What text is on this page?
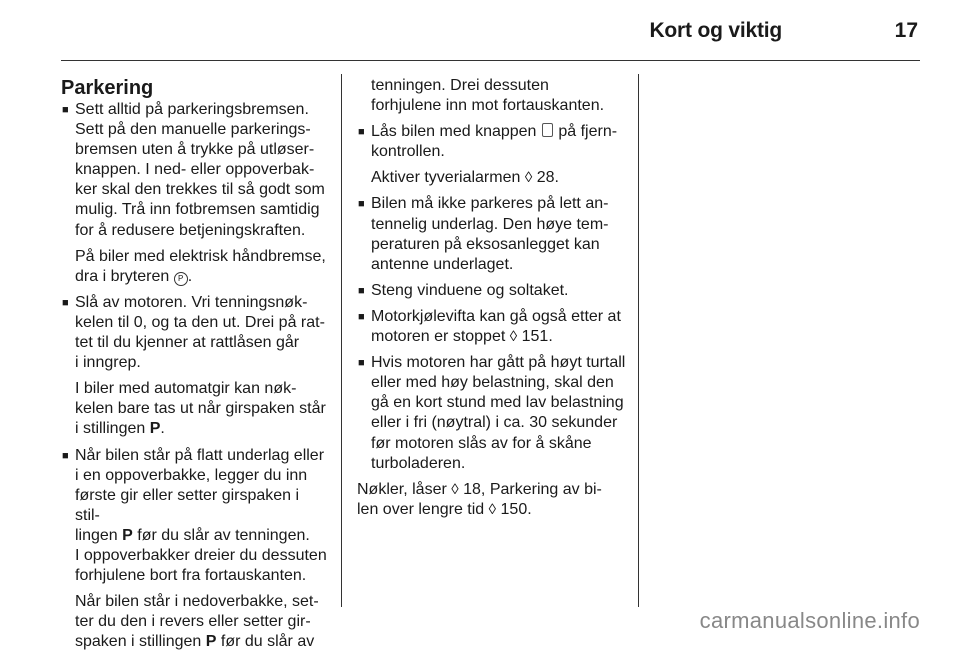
Kort og viktig	17
Parkering
■ Sett alltid på parkeringsbremsen.
Sett på den manuelle parkerings-
bremsen uten å trykke på utløser-
knappen. I ned- eller oppoverbak-
ker skal den trekkes til så godt som
mulig. Trå inn fotbremsen samtidig
for å redusere betjeningskraften.
På biler med elektrisk håndbremse,
dra i bryteren P .
■ Slå av motoren. Vri tenningsnøk-
kelen til 0, og ta den ut. Drei på rat-
tet til du kjenner at rattlåsen går
i inngrep.
I biler med automatgir kan nøk-
kelen bare tas ut når girspaken står
i stillingen P.
■ Når bilen står på flatt underlag eller
i en oppoverbakke, legger du inn
første gir eller setter girspaken i stil-
lingen P før du slår av tenningen.
I oppoverbakker dreier du dessuten
forhjulene bort fra fortauskanten.
Når bilen står i nedoverbakke, set-
ter du den i revers eller setter gir-
spaken i stillingen P før du slår av
tenningen. Drei dessuten
forhjulene inn mot fortauskanten.
■ Lås bilen med knappen på fjern-
kontrollen.
Aktiver tyverialarmen ◊ 28.
■ Bilen må ikke parkeres på lett an-
tennelig underlag. Den høye tem-
peraturen på eksosanlegget kan
antenne underlaget.
■ Steng vinduene og soltaket.
■ Motorkjølevifta kan gå også etter at
motoren er stoppet ◊ 151.
■ Hvis motoren har gått på høyt turtall
eller med høy belastning, skal den
gå en kort stund med lav belastning
eller i fri (nøytral) i ca. 30 sekunder
før motoren slås av for å skåne
turboladeren.
Nøkler, låser ◊ 18, Parkering av bi-
len over lengre tid ◊ 150.
carmanualsonline.info
